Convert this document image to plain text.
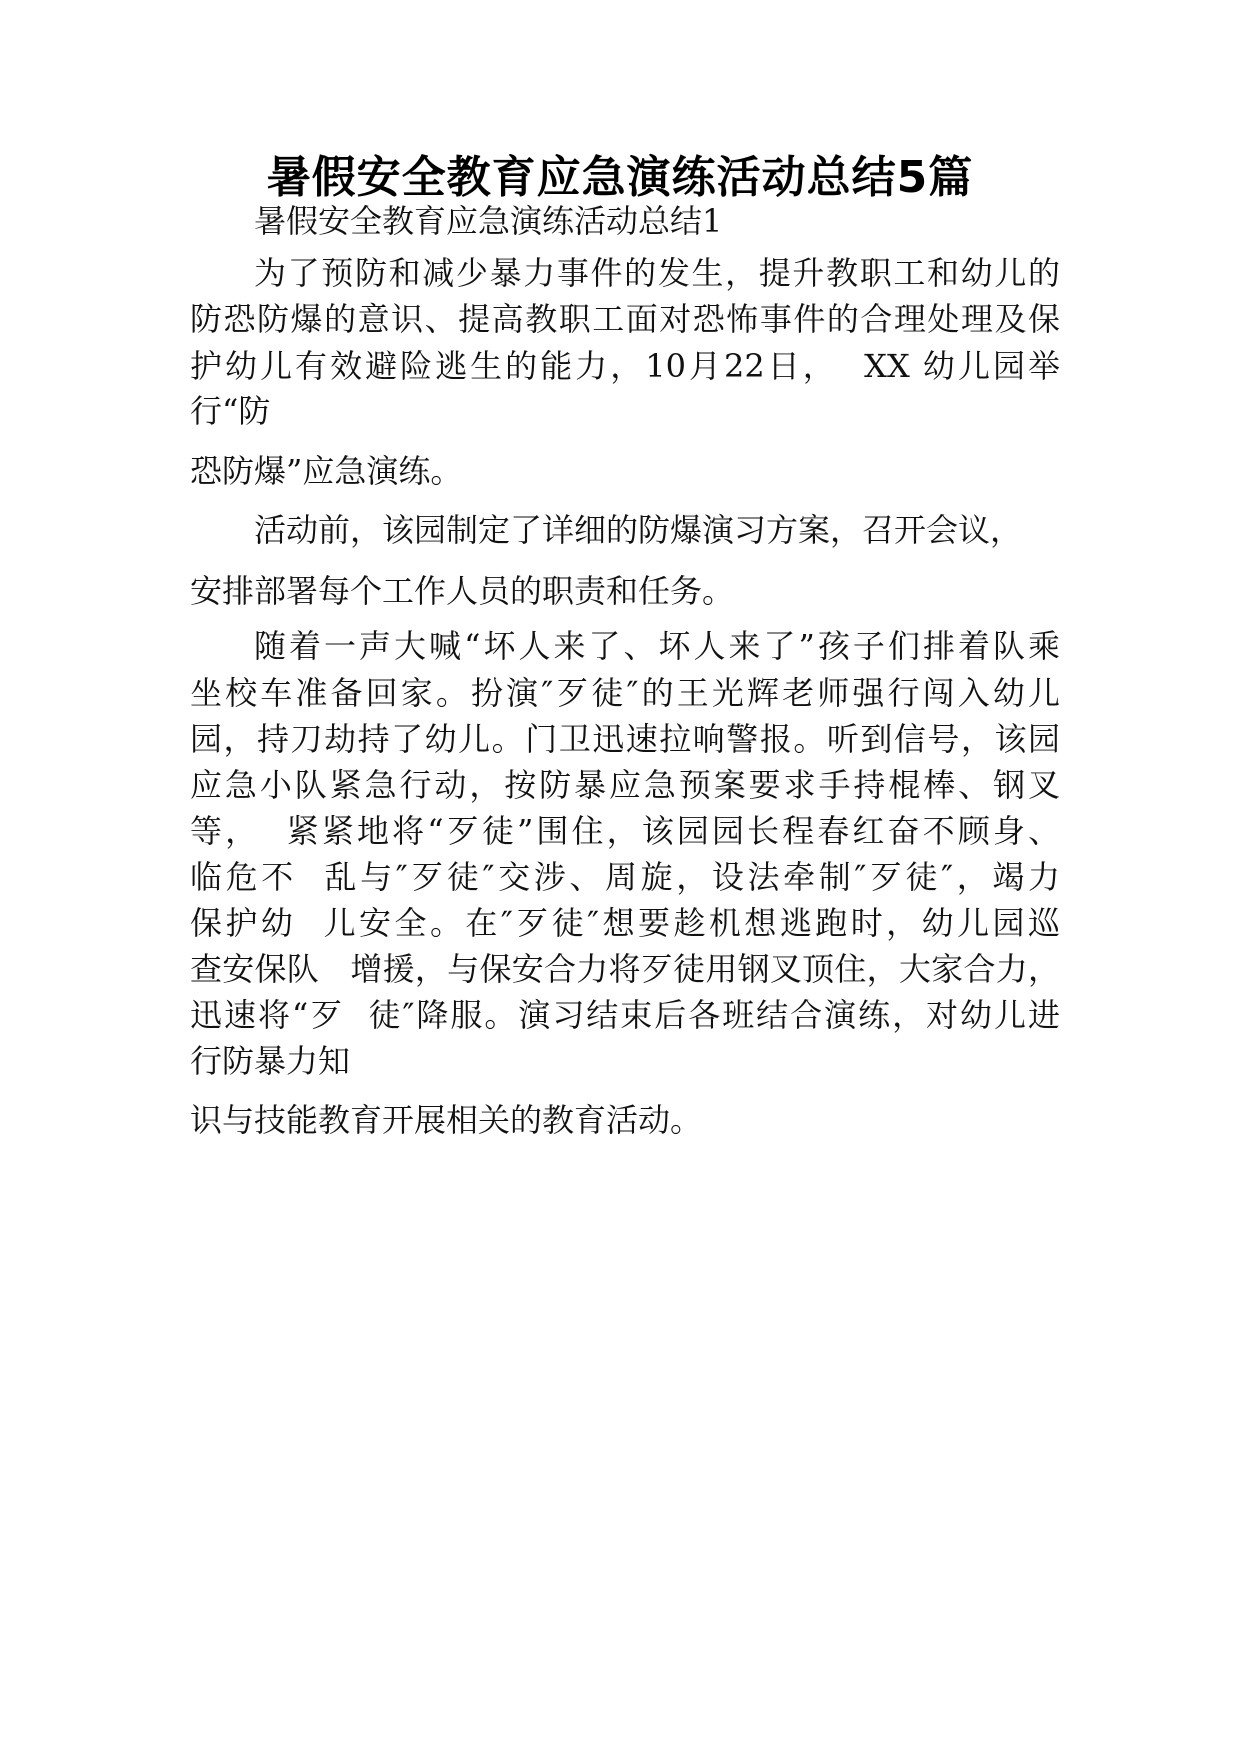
暑假安全教育应急演练活动总结5篇
暑假安全教育应急演练活动总结1
为了预防和减少暴力事件的发生，提升教职工和幼儿的
防恐防爆的意识、提高教职工面对恐怖事件的合理处理及保
护幼儿有效避险逃生的能力，10月22日，  XX 幼儿园举
行“防
恐防爆”应急演练。
活动前，该园制定了详细的防爆演习方案，召开会议，
安排部署每个工作人员的职责和任务。
随着一声大喊“坏人来了、坏人来了”孩子们排着队乘
坐校车准备回家。扮演″歹徒″的王光辉老师强行闯入幼儿
园，持刀劫持了幼儿。门卫迅速拉响警报。听到信号，该园
应急小队紧急行动，按防暴应急预案要求手持棍棒、钢叉
等，  紧紧地将“歹徒”围住，该园园长程春红奋不顾身、
临危不  乱与″歹徒″交涉、周旋，设法牵制″歹徒″，竭力
保护幼  儿安全。在″歹徒″想要趁机想逃跑时，幼儿园巡
查安保队   增援，与保安合力将歹徒用钢叉顶住，大家合力，
迅速将“歹  徒″降服。演习结束后各班结合演练，对幼儿进
行防暴力知
识与技能教育开展相关的教育活动。
